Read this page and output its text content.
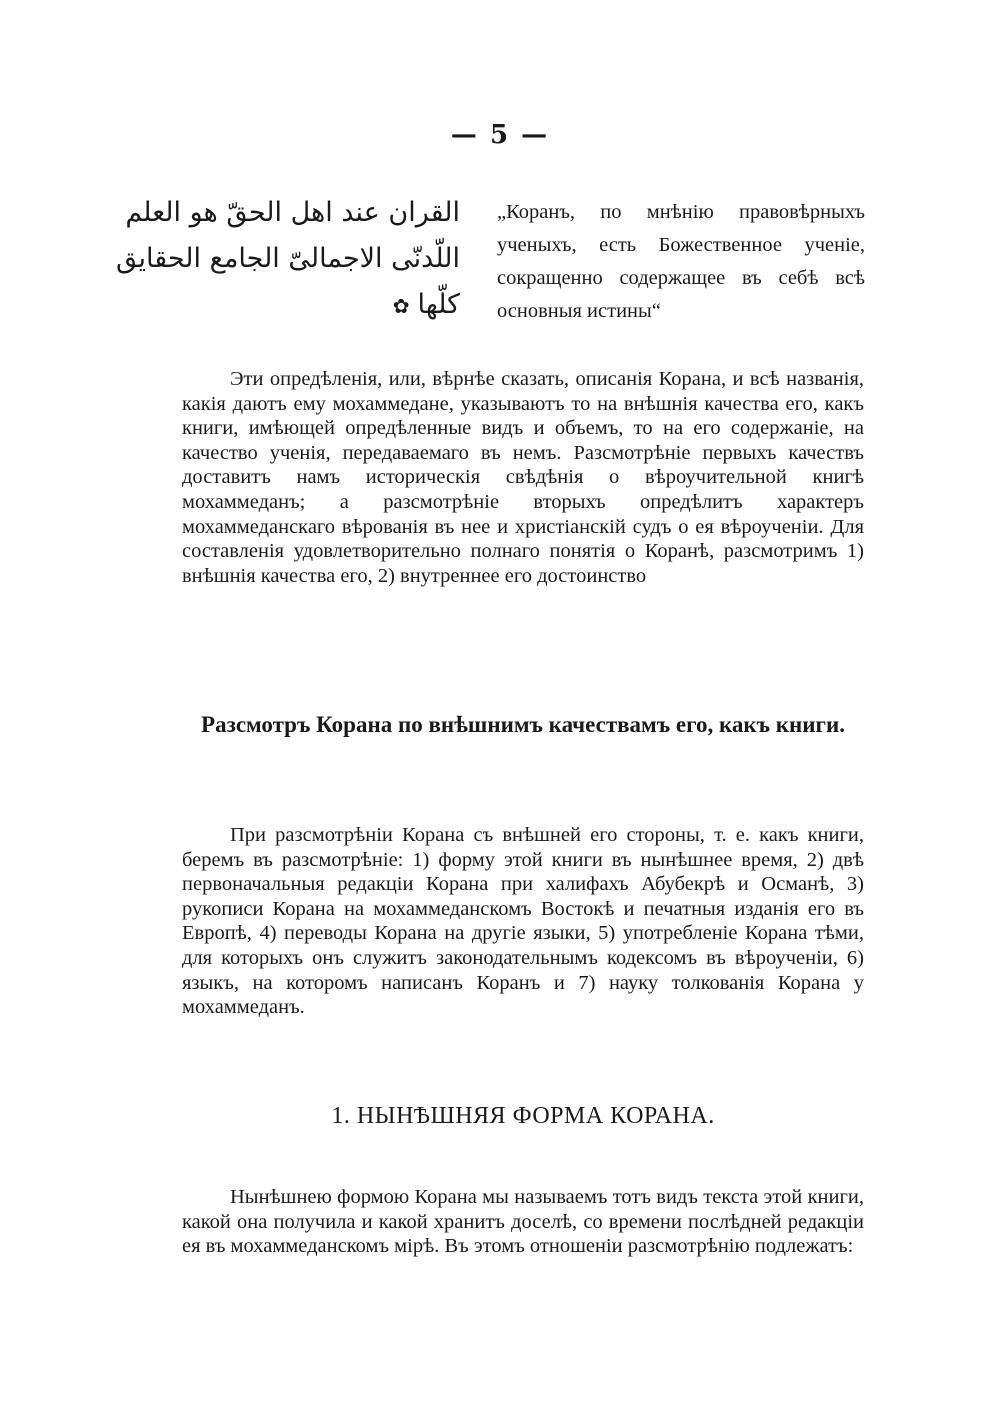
— 5 —
القران عند اهل الحقّ هو العلم
اللّدنّى الاجمالىّ الجامع الحقايق
كلّها✿
„Коранъ, по мнѣнію правовѣрныхъ ученыхъ, есть Божественное ученіе, сокращенно содержащее въ себѣ всѣ основныя истины“
Эти опредѣленія, или, вѣрнѣе сказать, описанія Корана, и всѣ названія, какія даютъ ему мохаммедане, указываютъ то на внѣшнія качества его, какъ книги, имѣющей опредѣленные видъ и объемъ, то на его содержаніе, на качество ученія, передаваемаго въ немъ. Разсмотрѣніе первыхъ качествъ доставитъ намъ историческія свѣдѣнія о вѣроучительной книгѣ мохаммеданъ; а разсмотрѣніе вторыхъ опредѣлитъ характеръ мохаммеданскаго вѣрованія въ нее и христіанскій судъ о ея вѣроученіи. Для составленія удовлетворительно полнаго понятія о Коранѣ, разсмотримъ 1) внѣшнія качества его, 2) внутреннее его достоинство
Разсмотръ Корана по внѣшнимъ качествамъ его, какъ книги.
При разсмотрѣніи Корана съ внѣшней его стороны, т. е. какъ книги, беремъ въ разсмотрѣніе: 1) форму этой книги въ нынѣшнее время, 2) двѣ первоначальныя редакціи Корана при халифахъ Абубекрѣ и Османѣ, 3) рукописи Корана на мохаммеданскомъ Востокѣ и печатныя изданія его въ Европѣ, 4) переводы Корана на другіе языки, 5) употребленіе Корана тѣми, для которыхъ онъ служитъ законодательнымъ кодексомъ въ вѣроученіи, 6) языкъ, на которомъ написанъ Коранъ и 7) науку толкованія Корана у мохаммеданъ.
1. НЫНѢШНЯЯ ФОРМА КОРАНА.
Нынѣшнею формою Корана мы называемъ тотъ видъ текста этой книги, какой она получила и какой хранитъ доселѣ, со времени послѣдней редакціи ея въ мохаммеданскомъ мірѣ. Въ этомъ отношеніи разсмотрѣнію подлежатъ:
